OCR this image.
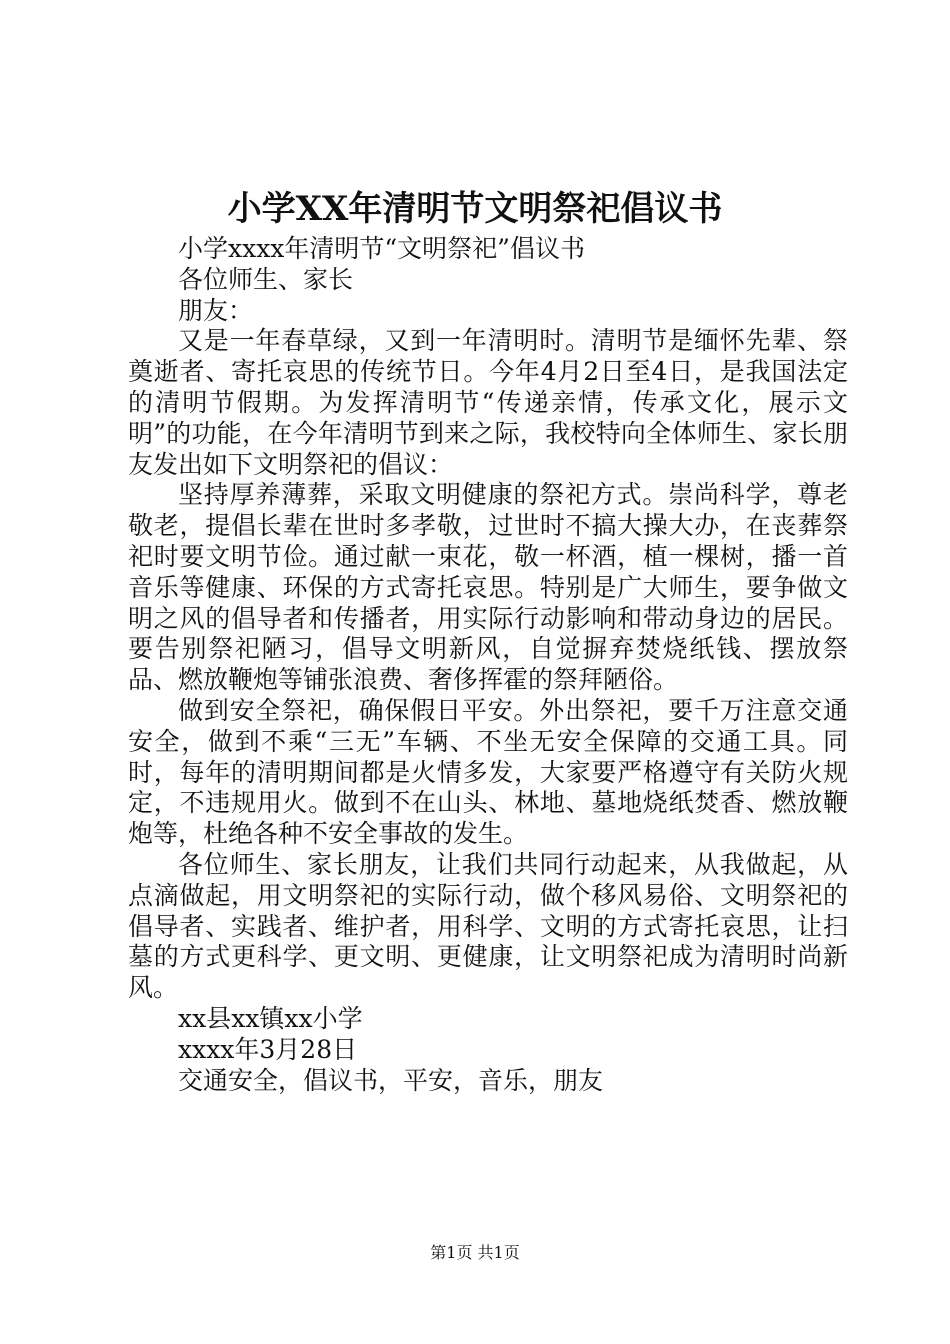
小学XX年清明节文明祭祀倡议书

小学xxxx年清明节“文明祭祀”倡议书

各位师生、家长

朋友：

又是一年春草绿，又到一年清明时。清明节是缅怀先辈、祭奠逝者、寄托哀思的传统节日。今年4月2日至4日，是我国法定的清明节假期。为发挥清明节“传递亲情，传承文化，展示文明”的功能，在今年清明节到来之际，我校特向全体师生、家长朋友发出如下文明祭祀的倡议：

坚持厚养薄葬，采取文明健康的祭祀方式。崇尚科学，尊老敬老，提倡长辈在世时多孝敬，过世时不搞大操大办，在丧葬祭祀时要文明节俭。通过献一束花，敬一杯酒，植一棵树，播一首音乐等健康、环保的方式寄托哀思。特别是广大师生，要争做文明之风的倡导者和传播者，用实际行动影响和带动身边的居民。要告别祭祀陋习，倡导文明新风，自觉摒弃焚烧纸钱、摆放祭品、燃放鞭炮等铺张浪费、奢侈挥霍的祭拜陋俗。

做到安全祭祀，确保假日平安。外出祭祀，要千万注意交通安全，做到不乘“三无”车辆、不坐无安全保障的交通工具。同时，每年的清明期间都是火情多发，大家要严格遵守有关防火规定，不违规用火。做到不在山头、林地、墓地烧纸焚香、燃放鞭炮等，杜绝各种不安全事故的发生。

各位师生、家长朋友，让我们共同行动起来，从我做起，从点滴做起，用文明祭祀的实际行动，做个移风易俗、文明祭祀的倡导者、实践者、维护者，用科学、文明的方式寄托哀思，让扫墓的方式更科学、更文明、更健康，让文明祭祀成为清明时尚新风。

xx县xx镇xx小学

xxxx年3月28日

交通安全，倡议书，平安，音乐，朋友

第1页 共1页
